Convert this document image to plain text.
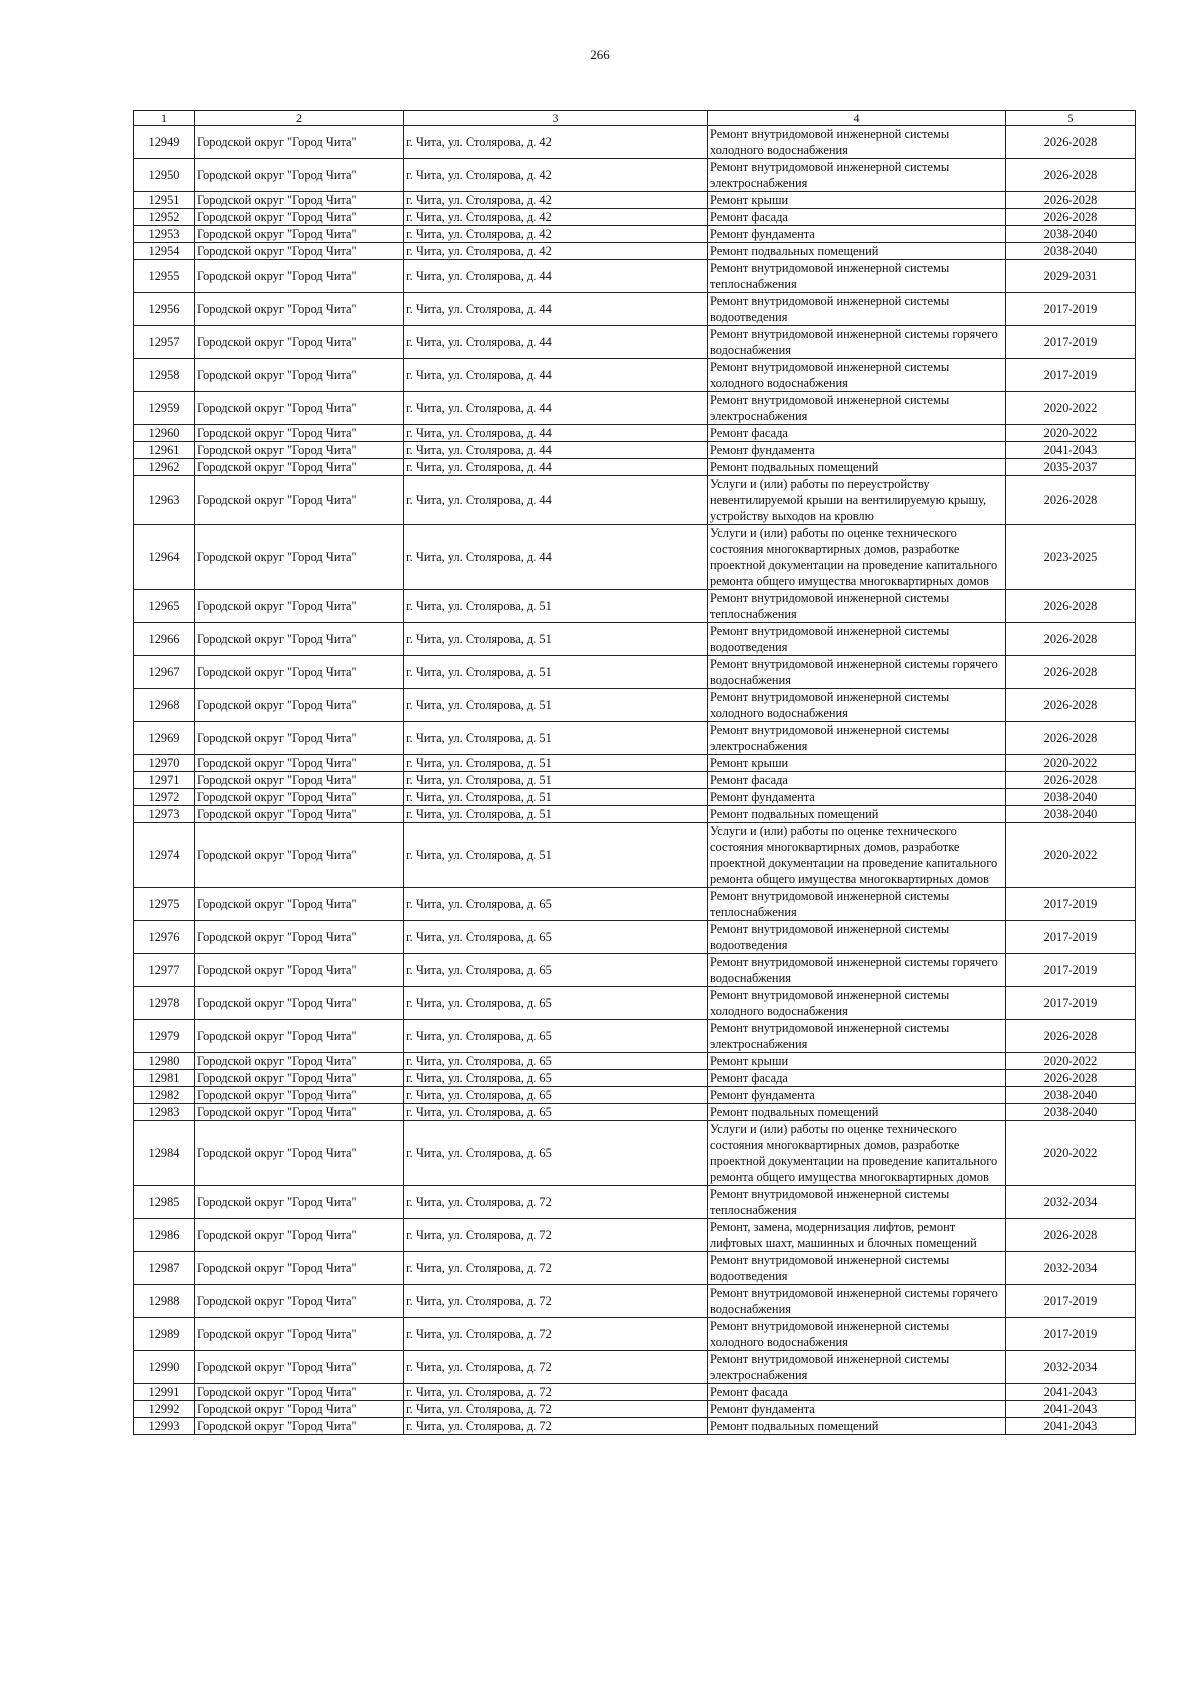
266
1	2	3	4	5
12949	Городской округ "Город Чита"	г. Чита, ул. Столярова, д. 42	Ремонт внутридомовой инженерной системы холодного водоснабжения	2026-2028
12950	Городской округ "Город Чита"	г. Чита, ул. Столярова, д. 42	Ремонт внутридомовой инженерной системы электроснабжения	2026-2028
12951	Городской округ "Город Чита"	г. Чита, ул. Столярова, д. 42	Ремонт крыши	2026-2028
12952	Городской округ "Город Чита"	г. Чита, ул. Столярова, д. 42	Ремонт фасада	2026-2028
12953	Городской округ "Город Чита"	г. Чита, ул. Столярова, д. 42	Ремонт фундамента	2038-2040
12954	Городской округ "Город Чита"	г. Чита, ул. Столярова, д. 42	Ремонт подвальных помещений	2038-2040
12955	Городской округ "Город Чита"	г. Чита, ул. Столярова, д. 44	Ремонт внутридомовой инженерной системы теплоснабжения	2029-2031
12956	Городской округ "Город Чита"	г. Чита, ул. Столярова, д. 44	Ремонт внутридомовой инженерной системы водоотведения	2017-2019
12957	Городской округ "Город Чита"	г. Чита, ул. Столярова, д. 44	Ремонт внутридомовой инженерной системы горячего водоснабжения	2017-2019
12958	Городской округ "Город Чита"	г. Чита, ул. Столярова, д. 44	Ремонт внутридомовой инженерной системы холодного водоснабжения	2017-2019
12959	Городской округ "Город Чита"	г. Чита, ул. Столярова, д. 44	Ремонт внутридомовой инженерной системы электроснабжения	2020-2022
12960	Городской округ "Город Чита"	г. Чита, ул. Столярова, д. 44	Ремонт фасада	2020-2022
12961	Городской округ "Город Чита"	г. Чита, ул. Столярова, д. 44	Ремонт фундамента	2041-2043
12962	Городской округ "Город Чита"	г. Чита, ул. Столярова, д. 44	Ремонт подвальных помещений	2035-2037
12963	Городской округ "Город Чита"	г. Чита, ул. Столярова, д. 44	Услуги и (или) работы по переустройству невентилируемой крыши на вентилируемую крышу, устройству выходов на кровлю	2026-2028
12964	Городской округ "Город Чита"	г. Чита, ул. Столярова, д. 44	Услуги и (или) работы по оценке технического состояния многоквартирных домов, разработке проектной документации на проведение капитального ремонта общего имущества многоквартирных домов	2023-2025
12965	Городской округ "Город Чита"	г. Чита, ул. Столярова, д. 51	Ремонт внутридомовой инженерной системы теплоснабжения	2026-2028
12966	Городской округ "Город Чита"	г. Чита, ул. Столярова, д. 51	Ремонт внутридомовой инженерной системы водоотведения	2026-2028
12967	Городской округ "Город Чита"	г. Чита, ул. Столярова, д. 51	Ремонт внутридомовой инженерной системы горячего водоснабжения	2026-2028
12968	Городской округ "Город Чита"	г. Чита, ул. Столярова, д. 51	Ремонт внутридомовой инженерной системы холодного водоснабжения	2026-2028
12969	Городской округ "Город Чита"	г. Чита, ул. Столярова, д. 51	Ремонт внутридомовой инженерной системы электроснабжения	2026-2028
12970	Городской округ "Город Чита"	г. Чита, ул. Столярова, д. 51	Ремонт крыши	2020-2022
12971	Городской округ "Город Чита"	г. Чита, ул. Столярова, д. 51	Ремонт фасада	2026-2028
12972	Городской округ "Город Чита"	г. Чита, ул. Столярова, д. 51	Ремонт фундамента	2038-2040
12973	Городской округ "Город Чита"	г. Чита, ул. Столярова, д. 51	Ремонт подвальных помещений	2038-2040
12974	Городской округ "Город Чита"	г. Чита, ул. Столярова, д. 51	Услуги и (или) работы по оценке технического состояния многоквартирных домов, разработке проектной документации на проведение капитального ремонта общего имущества многоквартирных домов	2020-2022
12975	Городской округ "Город Чита"	г. Чита, ул. Столярова, д. 65	Ремонт внутридомовой инженерной системы теплоснабжения	2017-2019
12976	Городской округ "Город Чита"	г. Чита, ул. Столярова, д. 65	Ремонт внутридомовой инженерной системы водоотведения	2017-2019
12977	Городской округ "Город Чита"	г. Чита, ул. Столярова, д. 65	Ремонт внутридомовой инженерной системы горячего водоснабжения	2017-2019
12978	Городской округ "Город Чита"	г. Чита, ул. Столярова, д. 65	Ремонт внутридомовой инженерной системы холодного водоснабжения	2017-2019
12979	Городской округ "Город Чита"	г. Чита, ул. Столярова, д. 65	Ремонт внутридомовой инженерной системы электроснабжения	2026-2028
12980	Городской округ "Город Чита"	г. Чита, ул. Столярова, д. 65	Ремонт крыши	2020-2022
12981	Городской округ "Город Чита"	г. Чита, ул. Столярова, д. 65	Ремонт фасада	2026-2028
12982	Городской округ "Город Чита"	г. Чита, ул. Столярова, д. 65	Ремонт фундамента	2038-2040
12983	Городской округ "Город Чита"	г. Чита, ул. Столярова, д. 65	Ремонт подвальных помещений	2038-2040
12984	Городской округ "Город Чита"	г. Чита, ул. Столярова, д. 65	Услуги и (или) работы по оценке технического состояния многоквартирных домов, разработке проектной документации на проведение капитального ремонта общего имущества многоквартирных домов	2020-2022
12985	Городской округ "Город Чита"	г. Чита, ул. Столярова, д. 72	Ремонт внутридомовой инженерной системы теплоснабжения	2032-2034
12986	Городской округ "Город Чита"	г. Чита, ул. Столярова, д. 72	Ремонт, замена, модернизация лифтов, ремонт лифтовых шахт, машинных и блочных помещений	2026-2028
12987	Городской округ "Город Чита"	г. Чита, ул. Столярова, д. 72	Ремонт внутридомовой инженерной системы водоотведения	2032-2034
12988	Городской округ "Город Чита"	г. Чита, ул. Столярова, д. 72	Ремонт внутридомовой инженерной системы горячего водоснабжения	2017-2019
12989	Городской округ "Город Чита"	г. Чита, ул. Столярова, д. 72	Ремонт внутридомовой инженерной системы холодного водоснабжения	2017-2019
12990	Городской округ "Город Чита"	г. Чита, ул. Столярова, д. 72	Ремонт внутридомовой инженерной системы электроснабжения	2032-2034
12991	Городской округ "Город Чита"	г. Чита, ул. Столярова, д. 72	Ремонт фасада	2041-2043
12992	Городской округ "Город Чита"	г. Чита, ул. Столярова, д. 72	Ремонт фундамента	2041-2043
12993	Городской округ "Город Чита"	г. Чита, ул. Столярова, д. 72	Ремонт подвальных помещений	2041-2043
